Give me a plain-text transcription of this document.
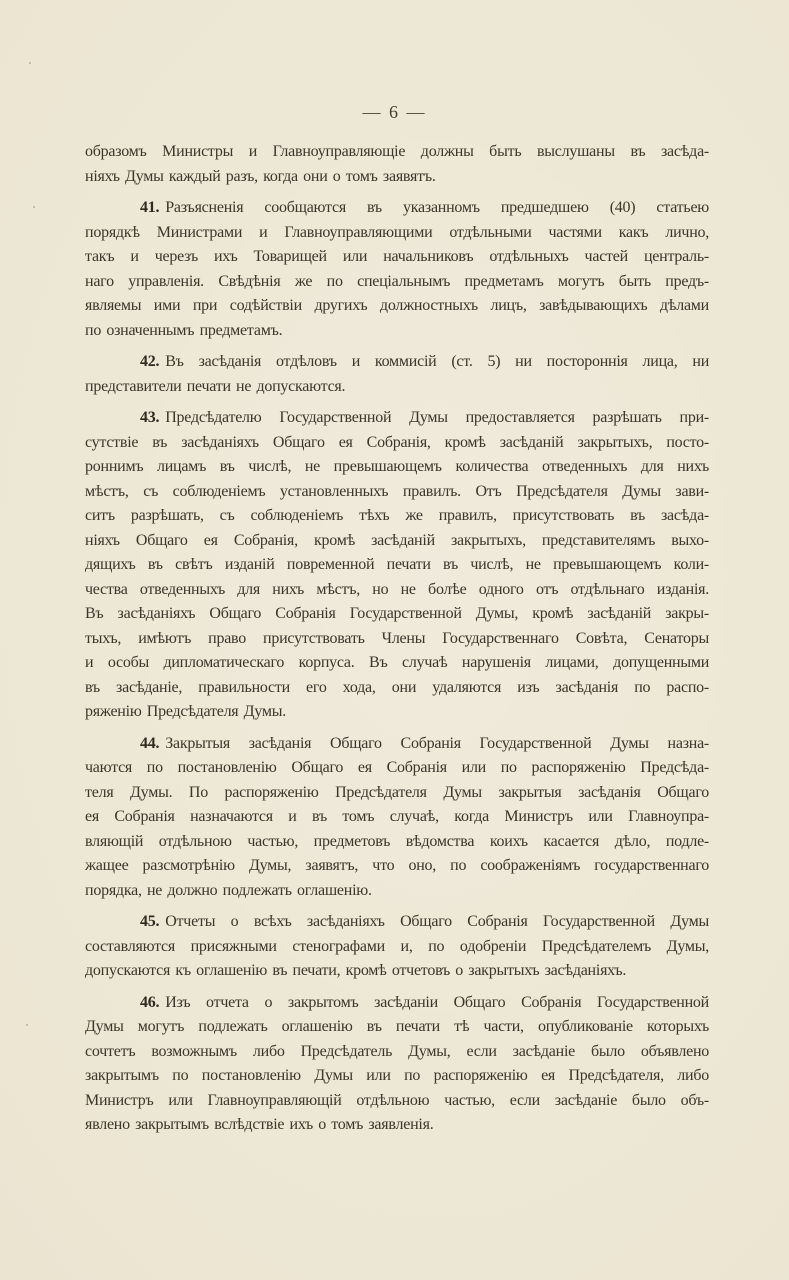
— 6 —
образомъ Министры и Главноуправляющіе должны быть выслушаны въ засѣда-
ніяхъ Думы каждый разъ, когда они о томъ заявятъ.
41. Разъясненія сообщаются въ указанномъ предшедшею (40) статьею
порядкѣ Министрами и Главноуправляющими отдѣльными частями какъ лично,
такъ и черезъ ихъ Товарищей или начальниковъ отдѣльныхъ частей централь-
наго управленія. Свѣдѣнія же по спеціальнымъ предметамъ могутъ быть предъ-
являемы ими при содѣйствіи другихъ должностныхъ лицъ, завѣдывающихъ дѣлами
по означеннымъ предметамъ.
42. Въ засѣданія отдѣловъ и коммисій (ст. 5) ни постороннія лица, ни
представители печати не допускаются.
43. Предсѣдателю Государственной Думы предоставляется разрѣшать при-
сутствіе въ засѣданіяхъ Общаго ея Собранія, кромѣ засѣданій закрытыхъ, посто-
роннимъ лицамъ въ числѣ, не превышающемъ количества отведенныхъ для нихъ
мѣстъ, съ соблюденіемъ установленныхъ правилъ. Отъ Предсѣдателя Думы зави-
ситъ разрѣшать, съ соблюденіемъ тѣхъ же правилъ, присутствовать въ засѣда-
ніяхъ Общаго ея Собранія, кромѣ засѣданій закрытыхъ, представителямъ выхо-
дящихъ въ свѣтъ изданій повременной печати въ числѣ, не превышающемъ коли-
чества отведенныхъ для нихъ мѣстъ, но не болѣе одного отъ отдѣльнаго изданія.
Въ засѣданіяхъ Общаго Собранія Государственной Думы, кромѣ засѣданій закры-
тыхъ, имѣютъ право присутствовать Члены Государственнаго Совѣта, Сенаторы
и особы дипломатическаго корпуса. Въ случаѣ нарушенія лицами, допущенными
въ засѣданіе, правильности его хода, они удаляются изъ засѣданія по распо-
ряженію Предсѣдателя Думы.
44. Закрытыя засѣданія Общаго Собранія Государственной Думы назна-
чаются по постановленію Общаго ея Собранія или по распоряженію Предсѣда-
теля Думы. По распоряженію Предсѣдателя Думы закрытыя засѣданія Общаго
ея Собранія назначаются и въ томъ случаѣ, когда Министръ или Главноупра-
вляющій отдѣльною частью, предметовъ вѣдомства коихъ касается дѣло, подле-
жащее разсмотрѣнію Думы, заявятъ, что оно, по соображеніямъ государственнаго
порядка, не должно подлежать оглашенію.
45. Отчеты о всѣхъ засѣданіяхъ Общаго Собранія Государственной Думы
составляются присяжными стенографами и, по одобреніи Предсѣдателемъ Думы,
допускаются къ оглашенію въ печати, кромѣ отчетовъ о закрытыхъ засѣданіяхъ.
46. Изъ отчета о закрытомъ засѣданіи Общаго Собранія Государственной
Думы могутъ подлежать оглашенію въ печати тѣ части, опубликованіе которыхъ
сочтетъ возможнымъ либо Предсѣдатель Думы, если засѣданіе было объявлено
закрытымъ по постановленію Думы или по распоряженію ея Предсѣдателя, либо
Министръ или Главноуправляющій отдѣльною частью, если засѣданіе было объ-
явлено закрытымъ вслѣдствіе ихъ о томъ заявленія.
